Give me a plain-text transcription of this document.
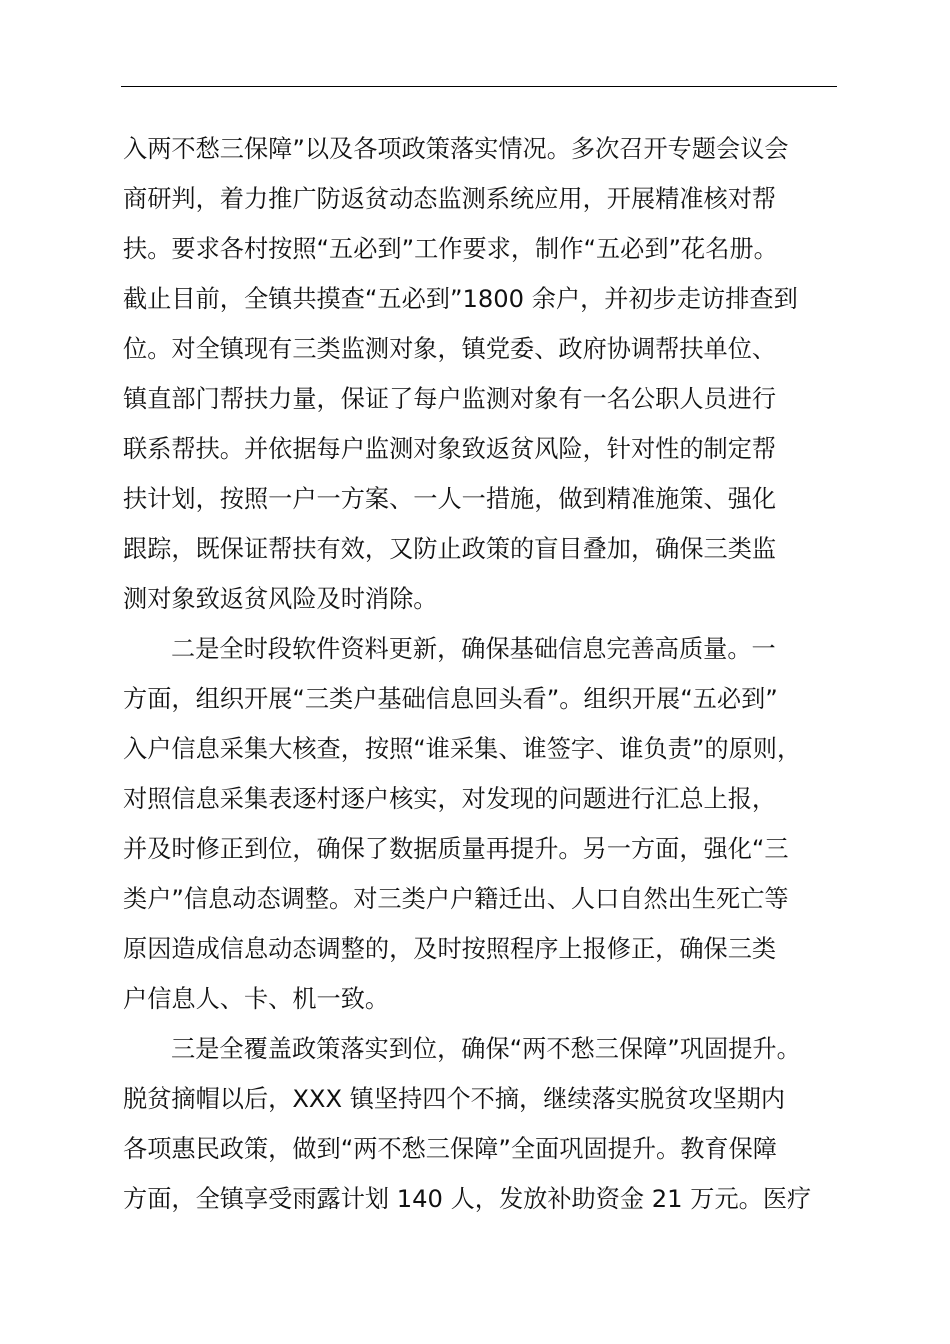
入两不愁三保障”以及各项政策落实情况。多次召开专题会议会
商研判，着力推广防返贫动态监测系统应用，开展精准核对帮
扶。要求各村按照“五必到”工作要求，制作“五必到”花名册。
截止目前，全镇共摸查“五必到”1800 余户，并初步走访排查到
位。对全镇现有三类监测对象，镇党委、政府协调帮扶单位、
镇直部门帮扶力量，保证了每户监测对象有一名公职人员进行
联系帮扶。并依据每户监测对象致返贫风险，针对性的制定帮
扶计划，按照一户一方案、一人一措施，做到精准施策、强化
跟踪，既保证帮扶有效，又防止政策的盲目叠加，确保三类监
测对象致返贫风险及时消除。
二是全时段软件资料更新，确保基础信息完善高质量。一
方面，组织开展“三类户基础信息回头看”。组织开展“五必到”
入户信息采集大核查，按照“谁采集、谁签字、谁负责”的原则，
对照信息采集表逐村逐户核实，对发现的问题进行汇总上报，
并及时修正到位，确保了数据质量再提升。另一方面，强化“三
类户”信息动态调整。对三类户户籍迁出、人口自然出生死亡等
原因造成信息动态调整的，及时按照程序上报修正，确保三类
户信息人、卡、机一致。
三是全覆盖政策落实到位，确保“两不愁三保障”巩固提升。
脱贫摘帽以后，XXX 镇坚持四个不摘，继续落实脱贫攻坚期内
各项惠民政策，做到“两不愁三保障”全面巩固提升。教育保障
方面，全镇享受雨露计划 140 人，发放补助资金 21 万元。医疗
